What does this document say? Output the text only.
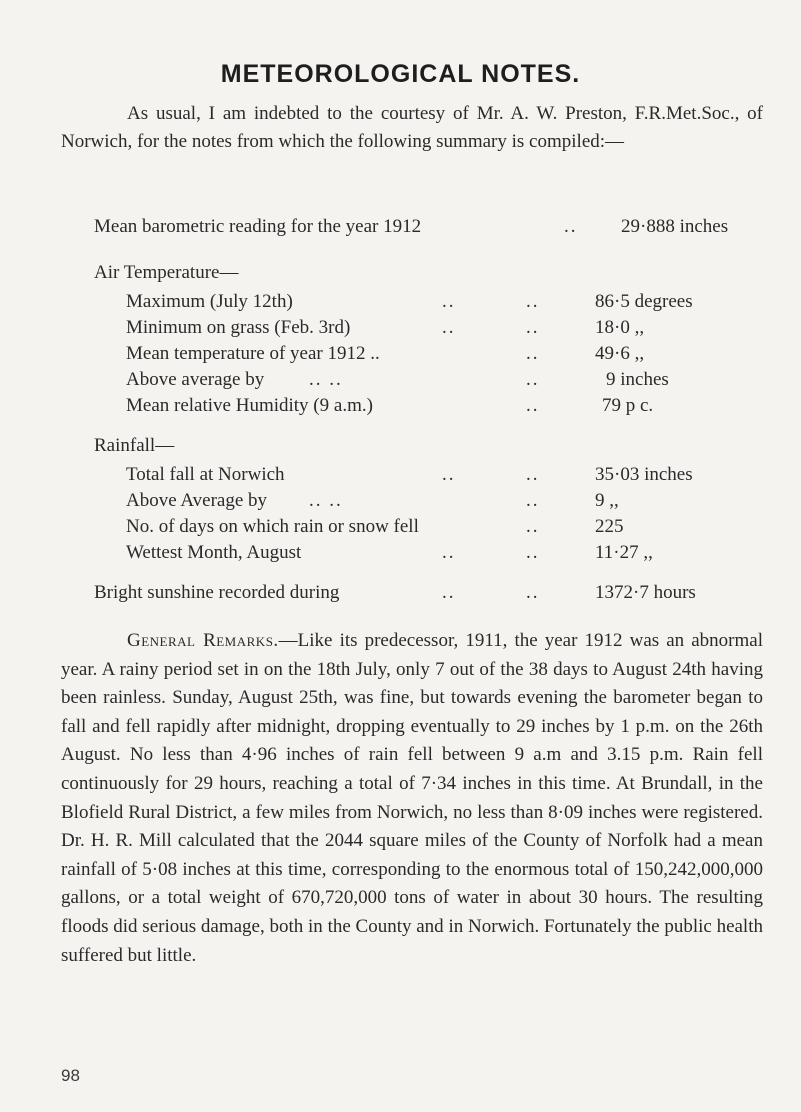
METEOROLOGICAL NOTES.

As usual, I am indebted to the courtesy of Mr. A. W. Preston, F.R.Met.Soc., of Norwich, for the notes from which the following summary is compiled:—

Mean barometric reading for the year 1912	.. 29·888 inches
Air Temperature—
Maximum (July 12th)	..	..	86·5 degrees
Minimum on grass (Feb. 3rd)	..	..	18·0 ,,
Mean temperature of year 1912 ..	..	49·6 ,,
Above average by .. ..	..	9 inches
Mean relative Humidity (9 a.m.)	..	79 p c.
Rainfall—
Total fall at Norwich	..	..	35·03 inches
Above Average by .. ..	..	9 ,,
No. of days on which rain or snow fell	..	225
Wettest Month, August	..	..	11·27 ,,
Bright sunshine recorded during	..	..	1372·7 hours
General Remarks.—Like its predecessor, 1911, the year 1912 was an abnormal year. A rainy period set in on the 18th July, only 7 out of the 38 days to August 24th having been rainless. Sunday, August 25th, was fine, but towards evening the barometer began to fall and fell rapidly after midnight, dropping eventually to 29 inches by 1 p.m. on the 26th August. No less than 4·96 inches of rain fell between 9 a.m and 3.15 p.m. Rain fell continuously for 29 hours, reaching a total of 7·34 inches in this time. At Brundall, in the Blofield Rural District, a few miles from Norwich, no less than 8·09 inches were registered. Dr. H. R. Mill calculated that the 2044 square miles of the County of Norfolk had a mean rainfall of 5·08 inches at this time, corresponding to the enormous total of 150,242,000,000 gallons, or a total weight of 670,720,000 tons of water in about 30 hours. The resulting floods did serious damage, both in the County and in Norwich. Fortunately the public health suffered but little.
98
